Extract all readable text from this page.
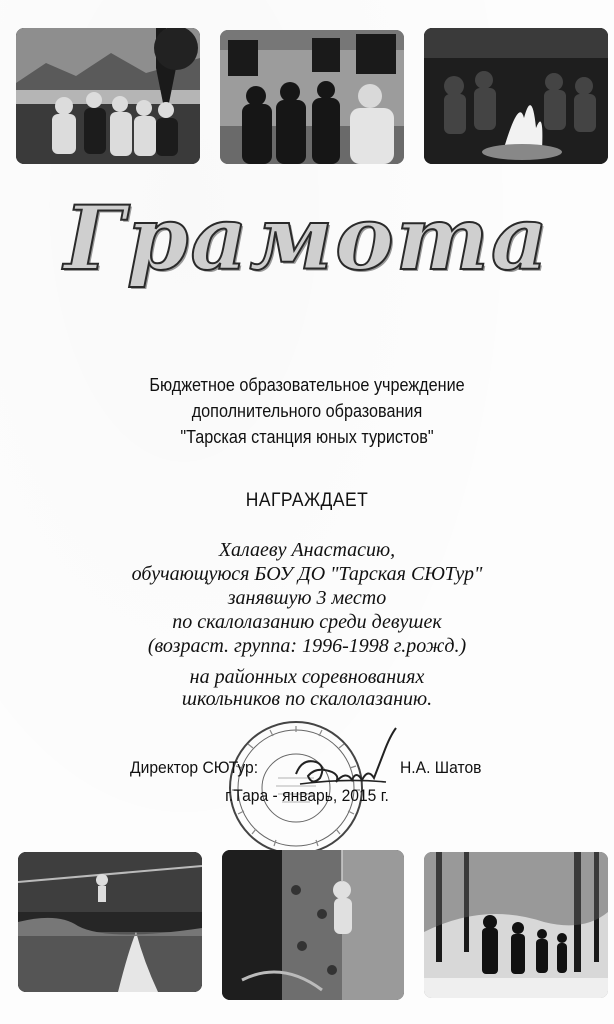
Грамота
Бюджетное образовательное учреждение
дополнительного образования
"Тарская станция юных туристов"
НАГРАЖДАЕТ
Халаеву Анастасию,
обучающуюся БОУ ДО "Тарская СЮТур"
занявшую 3 место
по скалолазанию среди девушек
(возраст. группа: 1996-1998 г.рожд.)
на районных соревнованиях
школьников по скалолазанию.
Директор СЮТур:	Н.А. Шатов
г.Тара - январь, 2015 г.
